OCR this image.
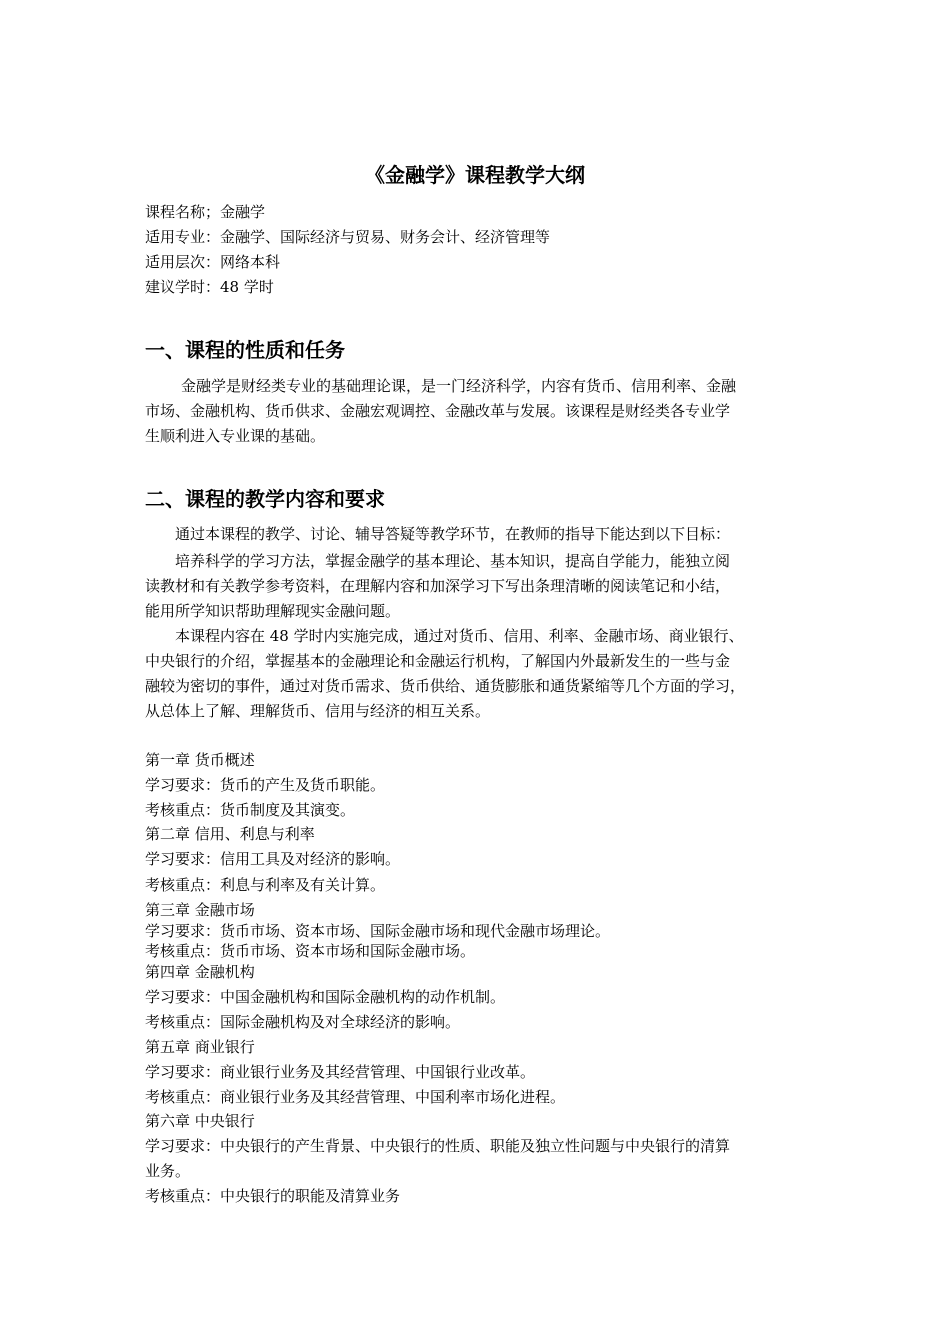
《金融学》课程教学大纲
课程名称；金融学
适用专业：金融学、国际经济与贸易、财务会计、经济管理等
适用层次：网络本科
建议学时：48 学时
一、课程的性质和任务
金融学是财经类专业的基础理论课，是一门经济科学，内容有货币、信用利率、金融
市场、金融机构、货币供求、金融宏观调控、金融改革与发展。该课程是财经类各专业学
生顺利进入专业课的基础。
二、课程的教学内容和要求
通过本课程的教学、讨论、辅导答疑等教学环节，在教师的指导下能达到以下目标：
培养科学的学习方法，掌握金融学的基本理论、基本知识，提高自学能力，能独立阅
读教材和有关教学参考资料，在理解内容和加深学习下写出条理清晰的阅读笔记和小结，
能用所学知识帮助理解现实金融问题。
本课程内容在 48 学时内实施完成，通过对货币、信用、利率、金融市场、商业银行、
中央银行的介绍，掌握基本的金融理论和金融运行机构，了解国内外最新发生的一些与金
融较为密切的事件，通过对货币需求、货币供给、通货膨胀和通货紧缩等几个方面的学习，
从总体上了解、理解货币、信用与经济的相互关系。
第一章 货币概述
学习要求：货币的产生及货币职能。
考核重点：货币制度及其演变。
第二章 信用、利息与利率
学习要求：信用工具及对经济的影响。
考核重点：利息与利率及有关计算。
第三章 金融市场
学习要求：货币市场、资本市场、国际金融市场和现代金融市场理论。
考核重点：货币市场、资本市场和国际金融市场。
第四章 金融机构
学习要求：中国金融机构和国际金融机构的动作机制。
考核重点：国际金融机构及对全球经济的影响。
第五章 商业银行
学习要求：商业银行业务及其经营管理、中国银行业改革。
考核重点：商业银行业务及其经营管理、中国利率市场化进程。
第六章 中央银行
学习要求：中央银行的产生背景、中央银行的性质、职能及独立性问题与中央银行的清算
业务。
考核重点：中央银行的职能及清算业务
